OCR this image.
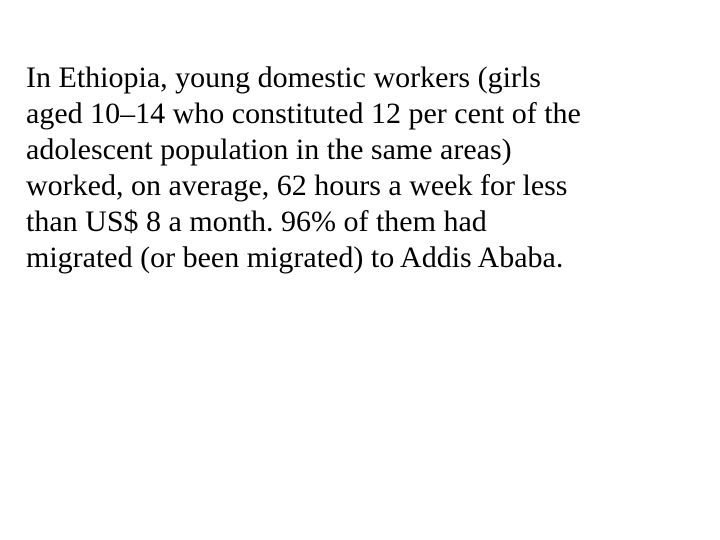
In Ethiopia, young domestic workers (girls
aged 10–14 who constituted 12 per cent of the
adolescent population in the same areas)
worked, on average, 62 hours a week for less
than US$ 8 a month. 96% of them had
migrated (or been migrated) to Addis Ababa.
